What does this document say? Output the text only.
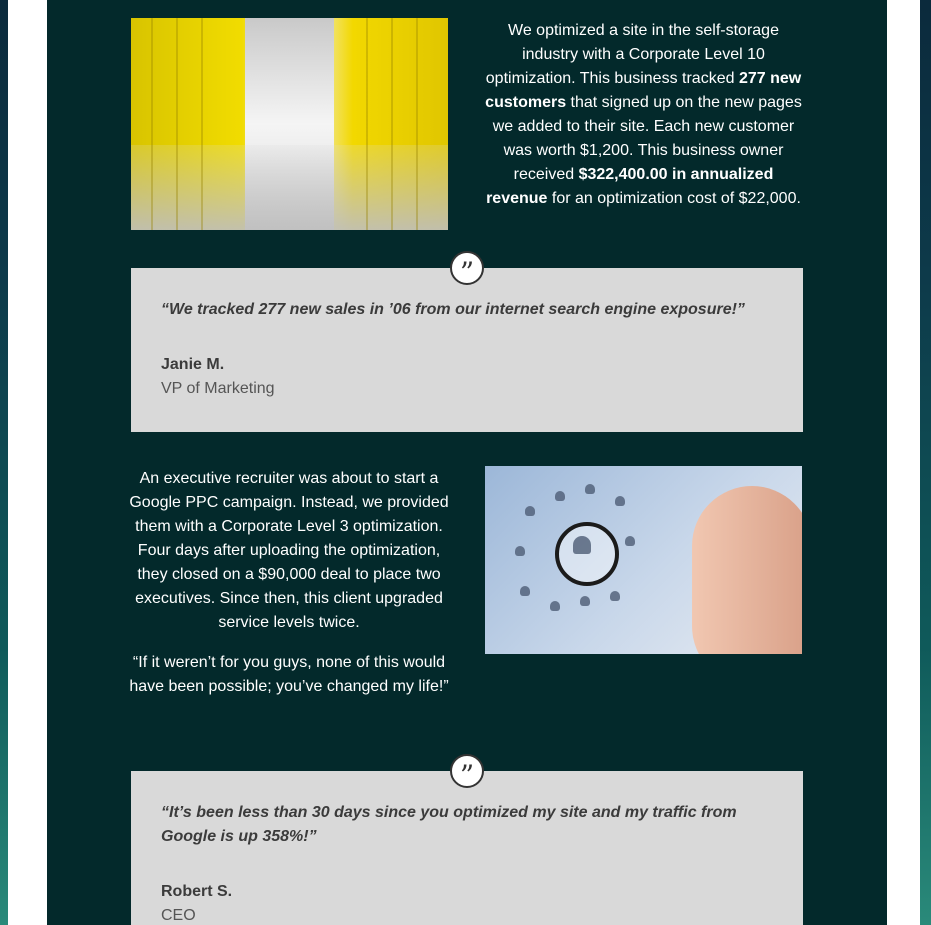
We optimized a site in the self-storage industry with a Corporate Level 10 optimization. This business tracked 277 new customers that signed up on the new pages we added to their site. Each new customer was worth $1,200. This business owner received $322,400.00 in annualized revenue for an optimization cost of $22,000.

“We tracked 277 new sales in ’06 from our internet search engine exposure!”

Janie M.

VP of Marketing

”

An executive recruiter was about to start a Google PPC campaign. Instead, we provided them with a Corporate Level 3 optimization. Four days after uploading the optimization, they closed on a $90,000 deal to place two executives. Since then, this client upgraded service levels twice.

“If it weren’t for you guys, none of this would have been possible; you’ve changed my life!”

“It’s been less than 30 days since you optimized my site and my traffic from Google is up 358%!”

Robert S.

CEO

”
